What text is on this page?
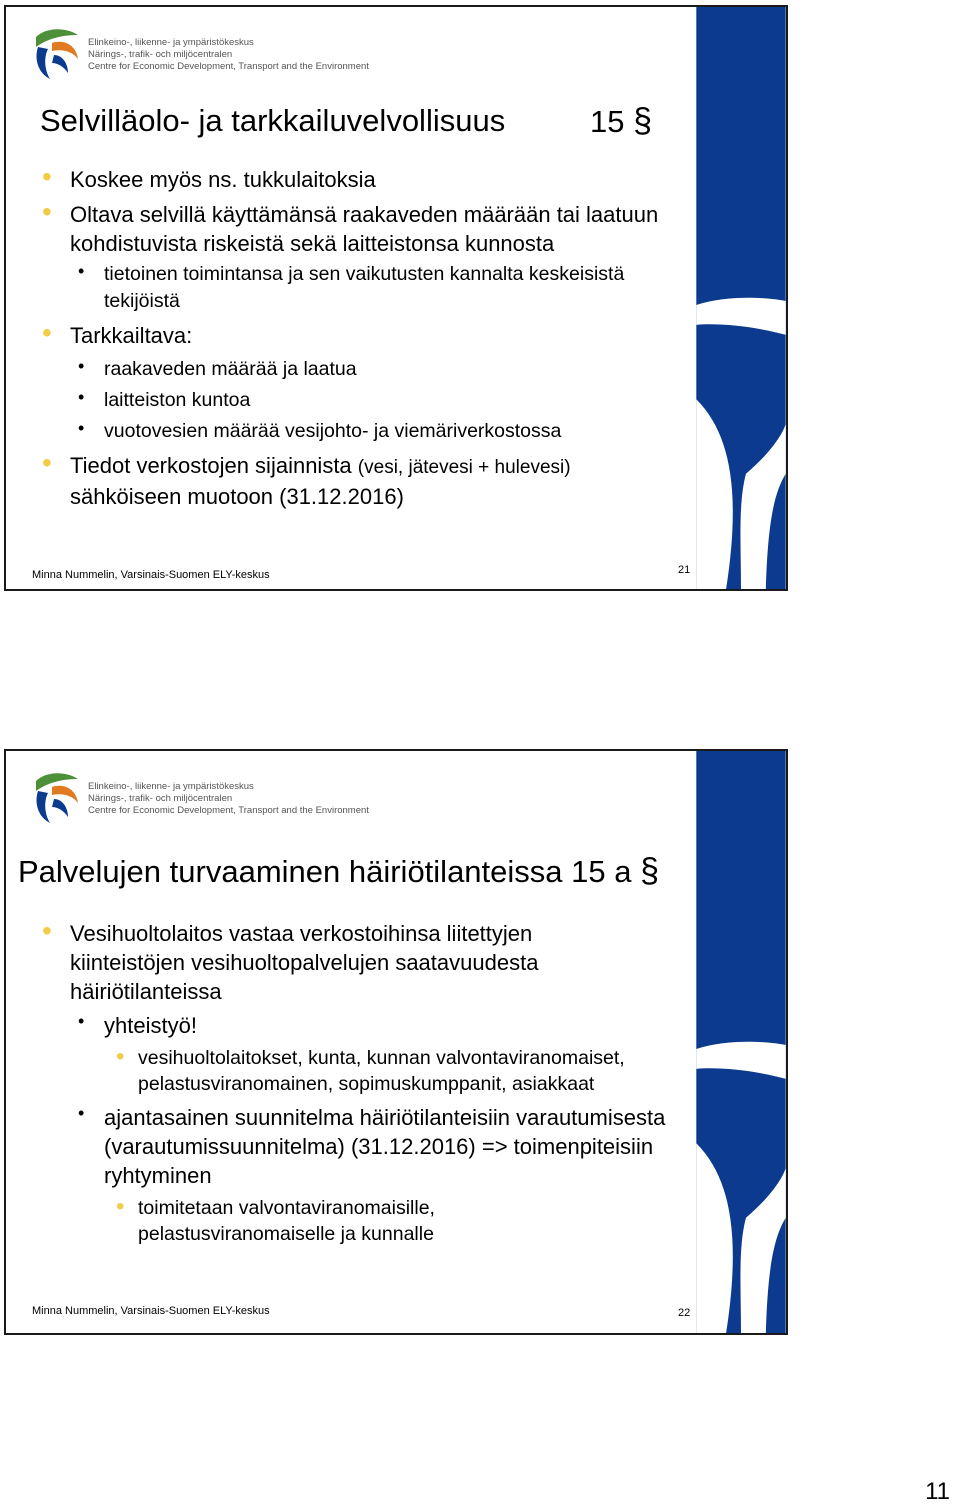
Elinkeino-, liikenne- ja ympäristökeskus
Närings-, trafik- och miljöcentralen
Centre for Economic Development, Transport and the Environment
Selvilläolo- ja tarkkailuvelvollisuus	15 §
• Koskee myös ns. tukkulaitoksia
• Oltava selvillä käyttämänsä raakaveden määrään tai laatuun kohdistuvista riskeistä sekä laitteistonsa kunnosta
• tietoinen toimintansa ja sen vaikutusten kannalta keskeisistä tekijöistä
• Tarkkailtava:
• raakaveden määrää ja laatua
• laitteiston kuntoa
• vuotovesien määrää vesijohto- ja viemäriverkostossa
• Tiedot verkostojen sijainnista (vesi, jätevesi + hulevesi)
sähköiseen muotoon (31.12.2016)
Minna Nummelin, Varsinais-Suomen ELY-keskus	21
Elinkeino-, liikenne- ja ympäristökeskus
Närings-, trafik- och miljöcentralen
Centre for Economic Development, Transport and the Environment
Palvelujen turvaaminen häiriötilanteissa 15 a §
• Vesihuoltolaitos vastaa verkostoihinsa liitettyjen kiinteistöjen vesihuoltopalvelujen saatavuudesta häiriötilanteissa
• yhteistyö!
• vesihuoltolaitokset, kunta, kunnan valvontaviranomaiset, pelastusviranomainen, sopimuskumppanit, asiakkaat
• ajantasainen suunnitelma häiriötilanteisiin varautumisesta (varautumissuunnitelma) (31.12.2016) => toimenpiteisiin ryhtyminen
• toimitetaan valvontaviranomaisille, pelastusviranomaiselle ja kunnalle
Minna Nummelin, Varsinais-Suomen ELY-keskus	22
11
